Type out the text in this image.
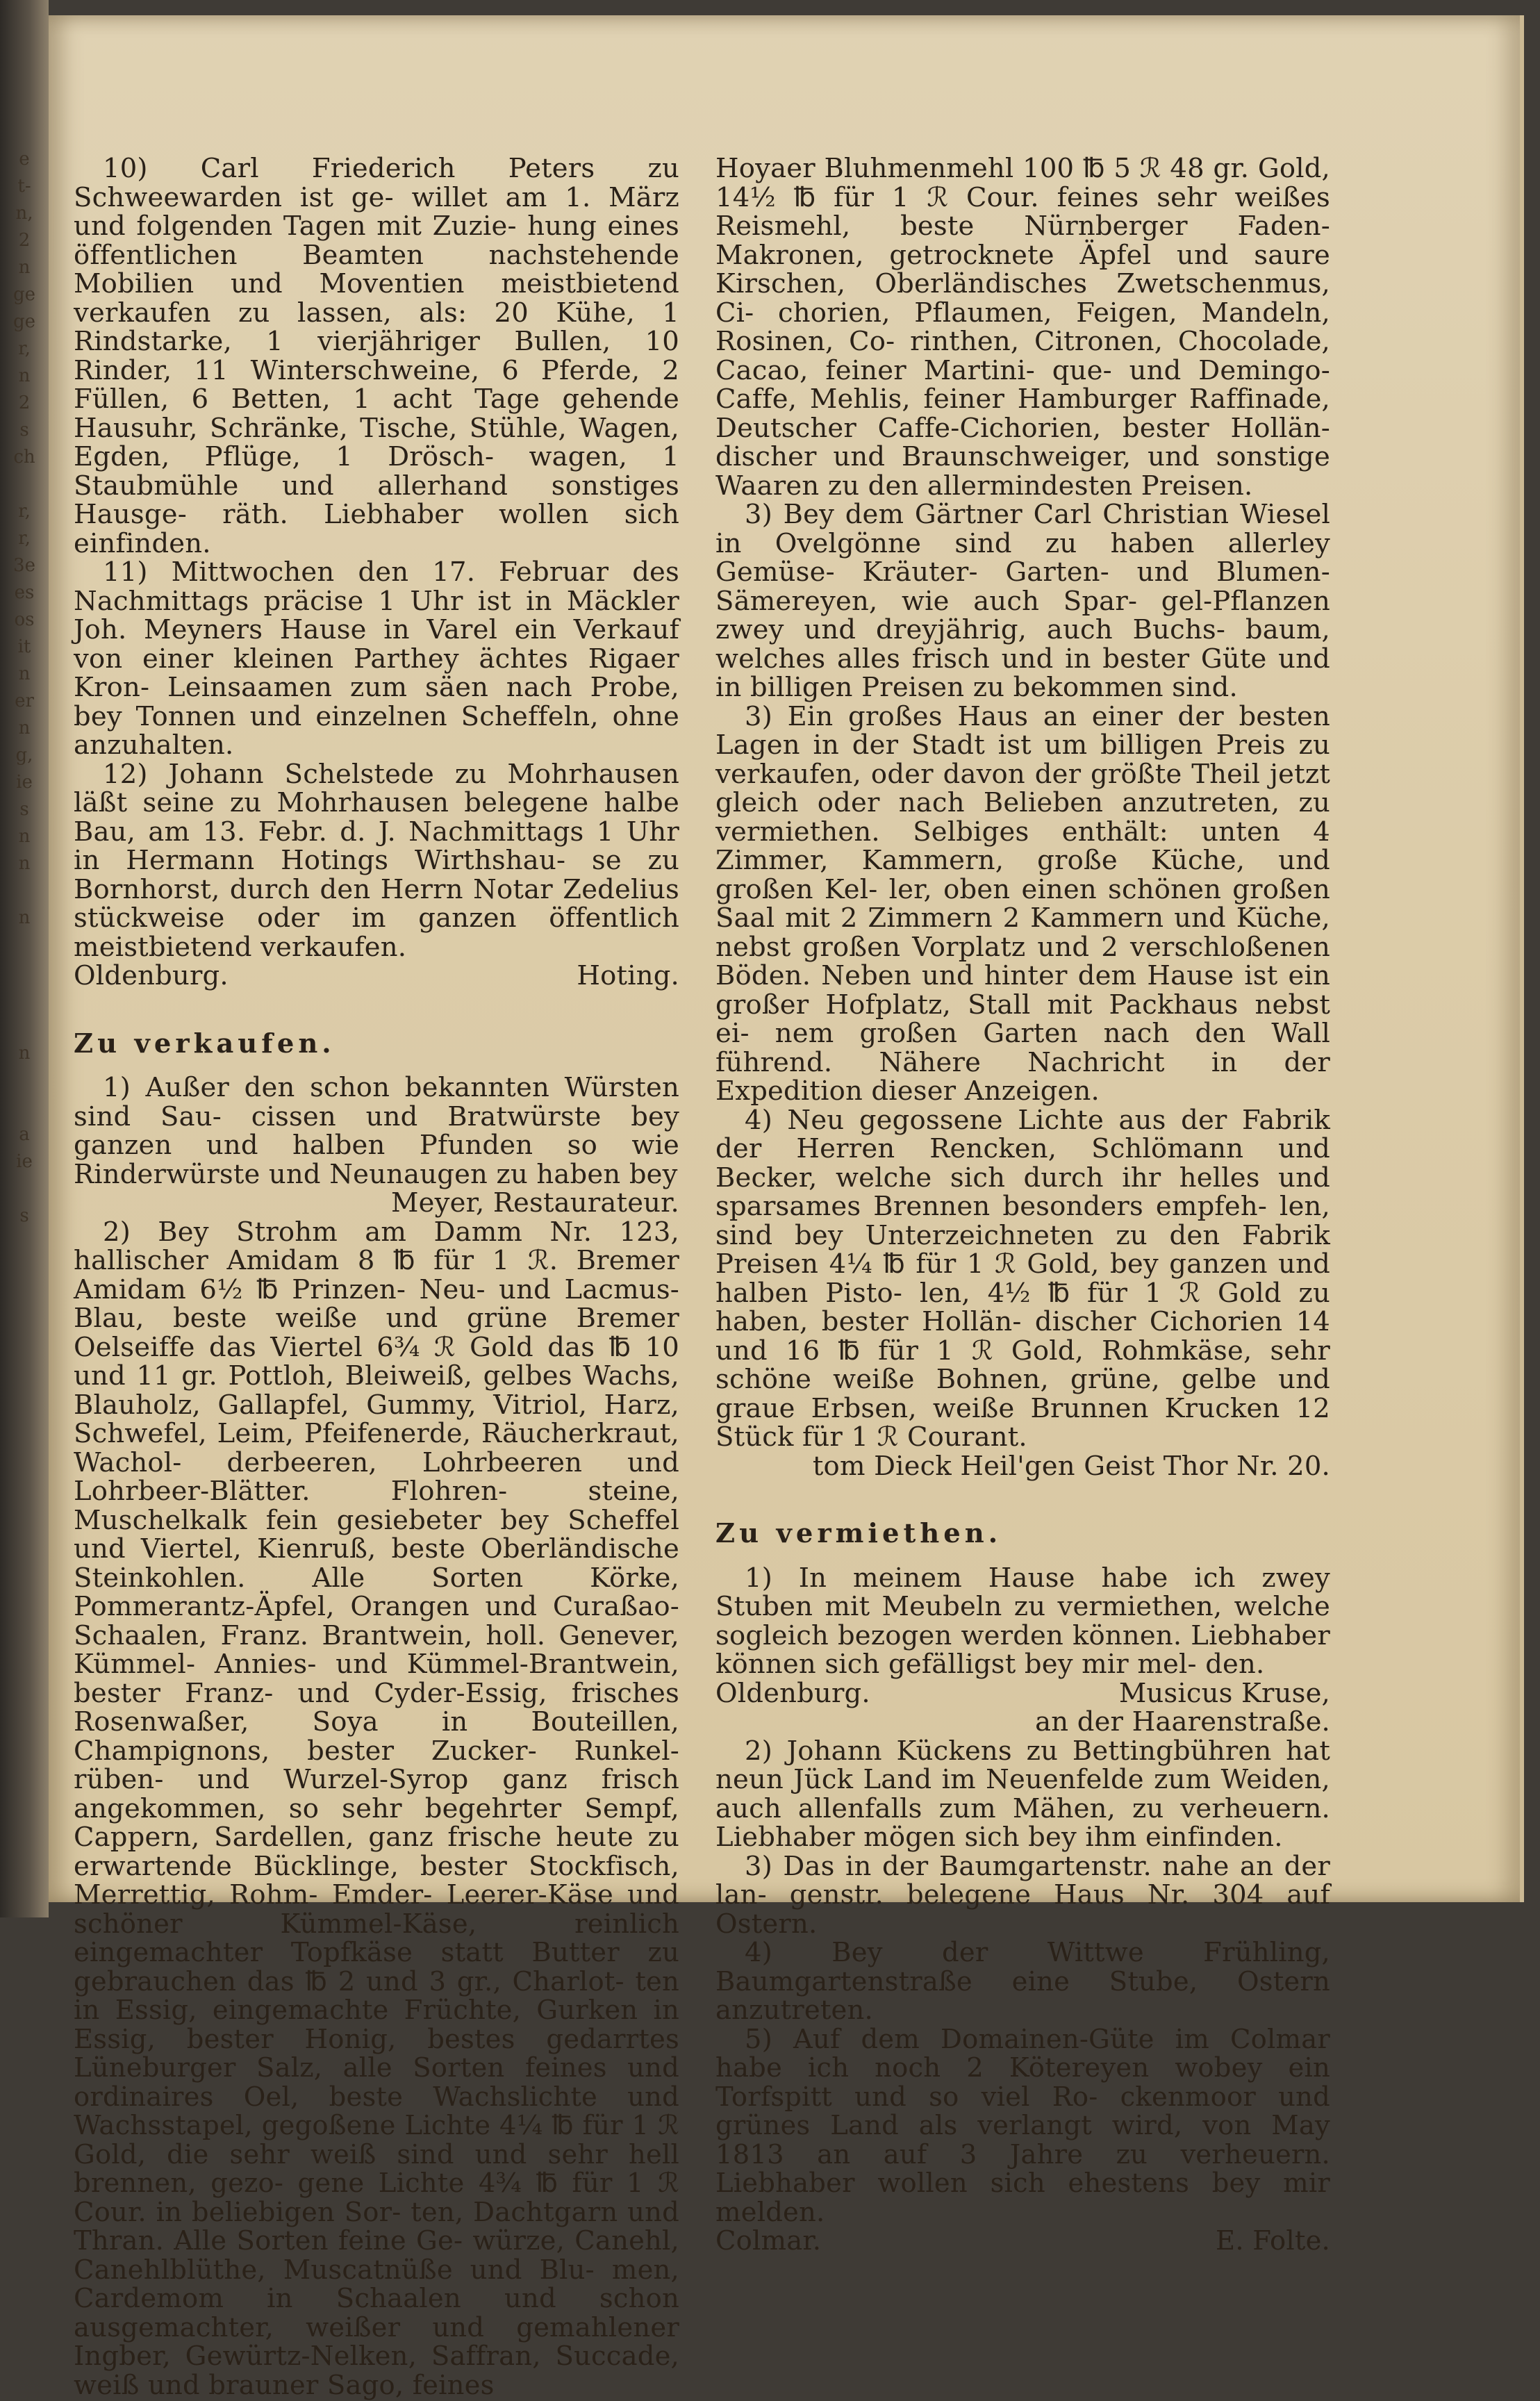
e
t-
n,
2
n
ge
ge
r,
n
2
s
ch

r,
r,
3e
es
os
it
n
er
n
g,
ie
s
n
n

n

n

a
ie

s

10) Carl Friederich Peters zu Schweewarden ist ge- willet am 1. März und folgenden Tagen mit Zuzie- hung eines öffentlichen Beamten nachstehende Mobilien und Moventien meistbietend verkaufen zu lassen, als: 20 Kühe, 1 Rindstarke, 1 vierjähriger Bullen, 10 Rinder, 11 Winterschweine, 6 Pferde, 2 Füllen, 6 Betten, 1 acht Tage gehende Hausuhr, Schränke, Tische, Stühle, Wagen, Egden, Pflüge, 1 Drösch- wagen, 1 Staubmühle und allerhand sonstiges Hausge- räth. Liebhaber wollen sich einfinden.

11) Mittwochen den 17. Februar des Nachmittags präcise 1 Uhr ist in Mäckler Joh. Meyners Hause in Varel ein Verkauf von einer kleinen Parthey ächtes Rigaer Kron- Leinsaamen zum säen nach Probe, bey Tonnen und einzelnen Scheffeln, ohne anzuhalten.

12) Johann Schelstede zu Mohrhausen läßt seine zu Mohrhausen belegene halbe Bau, am 13. Febr. d. J. Nachmittags 1 Uhr in Hermann Hotings Wirthshau- se zu Bornhorst, durch den Herrn Notar Zedelius stückweise oder im ganzen öffentlich meistbietend verkaufen.

Oldenburg.	Hoting.

Zu verkaufen.

1) Außer den schon bekannten Würsten sind Sau- cissen und Bratwürste bey ganzen und halben Pfunden so wie Rinderwürste und Neunaugen zu haben bey

Meyer, Restaurateur.

2) Bey Strohm am Damm Nr. 123, hallischer Amidam 8 ℔ für 1 ℛ. Bremer Amidam 6½ ℔ Prinzen- Neu- und Lacmus-Blau, beste weiße und grüne Bremer Oelseiffe das Viertel 6¾ ℛ Gold das ℔ 10 und 11 gr. Pottloh, Bleiweiß, gelbes Wachs, Blauholz, Gallapfel, Gummy, Vitriol, Harz, Schwefel, Leim, Pfeifenerde, Räucherkraut, Wachol- derbeeren, Lohrbeeren und Lohrbeer-Blätter. Flohren- steine, Muschelkalk fein gesiebeter bey Scheffel und Viertel, Kienruß, beste Oberländische Steinkohlen. Alle Sorten Körke, Pommerantz-Äpfel, Orangen und Curaßao-Schaalen, Franz. Brantwein, holl. Genever, Kümmel- Annies- und Kümmel-Brantwein, bester Franz- und Cyder-Essig, frisches Rosenwaßer, Soya in Bouteillen, Champignons, bester Zucker- Runkel- rüben- und Wurzel-Syrop ganz frisch angekommen, so sehr begehrter Sempf, Cappern, Sardellen, ganz frische heute zu erwartende Bücklinge, bester Stockfisch, Merrettig, Rohm- Emder- Leerer-Käse und schöner Kümmel-Käse, reinlich eingemachter Topfkäse statt Butter zu gebrauchen das ℔ 2 und 3 gr., Charlot- ten in Essig, eingemachte Früchte, Gurken in Essig, bester Honig, bestes gedarrtes Lüneburger Salz, alle Sorten feines und ordinaires Oel, beste Wachslichte und Wachsstapel, gegoßene Lichte 4¼ ℔ für 1 ℛ Gold, die sehr weiß sind und sehr hell brennen, gezo- gene Lichte 4¾ ℔ für 1 ℛ Cour. in beliebigen Sor- ten, Dachtgarn und Thran. Alle Sorten feine Ge- würze, Canehl, Canehlblüthe, Muscatnüße und Blu- men, Cardemom in Schaalen und schon ausgemachter, weißer und gemahlener Ingber, Gewürtz-Nelken, Saffran, Succade, weiß und brauner Sago, feines

Hoyaer Bluhmenmehl 100 ℔ 5 ℛ 48 gr. Gold, 14½ ℔ für 1 ℛ Cour. feines sehr weißes Reismehl, beste Nürnberger Faden-Makronen, getrocknete Äpfel und saure Kirschen, Oberländisches Zwetschenmus, Ci- chorien, Pflaumen, Feigen, Mandeln, Rosinen, Co- rinthen, Citronen, Chocolade, Cacao, feiner Martini- que- und Demingo-Caffe, Mehlis, feiner Hamburger Raffinade, Deutscher Caffe-Cichorien, bester Hollän- discher und Braunschweiger, und sonstige Waaren zu den allermindesten Preisen.

3) Bey dem Gärtner Carl Christian Wiesel in Ovelgönne sind zu haben allerley Gemüse- Kräuter- Garten- und Blumen-Sämereyen, wie auch Spar- gel-Pflanzen zwey und dreyjährig, auch Buchs- baum, welches alles frisch und in bester Güte und in billigen Preisen zu bekommen sind.

3) Ein großes Haus an einer der besten Lagen in der Stadt ist um billigen Preis zu verkaufen, oder davon der größte Theil jetzt gleich oder nach Belieben anzutreten, zu vermiethen. Selbiges enthält: unten 4 Zimmer, Kammern, große Küche, und großen Kel- ler, oben einen schönen großen Saal mit 2 Zimmern 2 Kammern und Küche, nebst großen Vorplatz und 2 verschloßenen Böden. Neben und hinter dem Hause ist ein großer Hofplatz, Stall mit Packhaus nebst ei- nem großen Garten nach den Wall führend. Nähere Nachricht in der Expedition dieser Anzeigen.

4) Neu gegossene Lichte aus der Fabrik der Herren Rencken, Schlömann und Becker, welche sich durch ihr helles und sparsames Brennen besonders empfeh- len, sind bey Unterzeichneten zu den Fabrik Preisen 4¼ ℔ für 1 ℛ Gold, bey ganzen und halben Pisto- len, 4½ ℔ für 1 ℛ Gold zu haben, bester Hollän- discher Cichorien 14 und 16 ℔ für 1 ℛ Gold, Rohmkäse, sehr schöne weiße Bohnen, grüne, gelbe und graue Erbsen, weiße Brunnen Krucken 12 Stück für 1 ℛ Courant.

tom Dieck Heil'gen Geist Thor Nr. 20.

Zu vermiethen.

1) In meinem Hause habe ich zwey Stuben mit Meubeln zu vermiethen, welche sogleich bezogen werden können. Liebhaber können sich gefälligst bey mir mel- den.

Oldenburg.	Musicus Kruse,

an der Haarenstraße.

2) Johann Kückens zu Bettingbühren hat neun Jück Land im Neuenfelde zum Weiden, auch allenfalls zum Mähen, zu verheuern. Liebhaber mögen sich bey ihm einfinden.

3) Das in der Baumgartenstr. nahe an der lan- genstr. belegene Haus Nr. 304 auf Ostern.

4) Bey der Wittwe Frühling, Baumgartenstraße eine Stube, Ostern anzutreten.

5) Auf dem Domainen-Güte im Colmar habe ich noch 2 Kötereyen wobey ein Torfspitt und so viel Ro- ckenmoor und grünes Land als verlangt wird, von May 1813 an auf 3 Jahre zu verheuern. Liebhaber wollen sich ehestens bey mir melden.

Colmar.	E. Folte.
